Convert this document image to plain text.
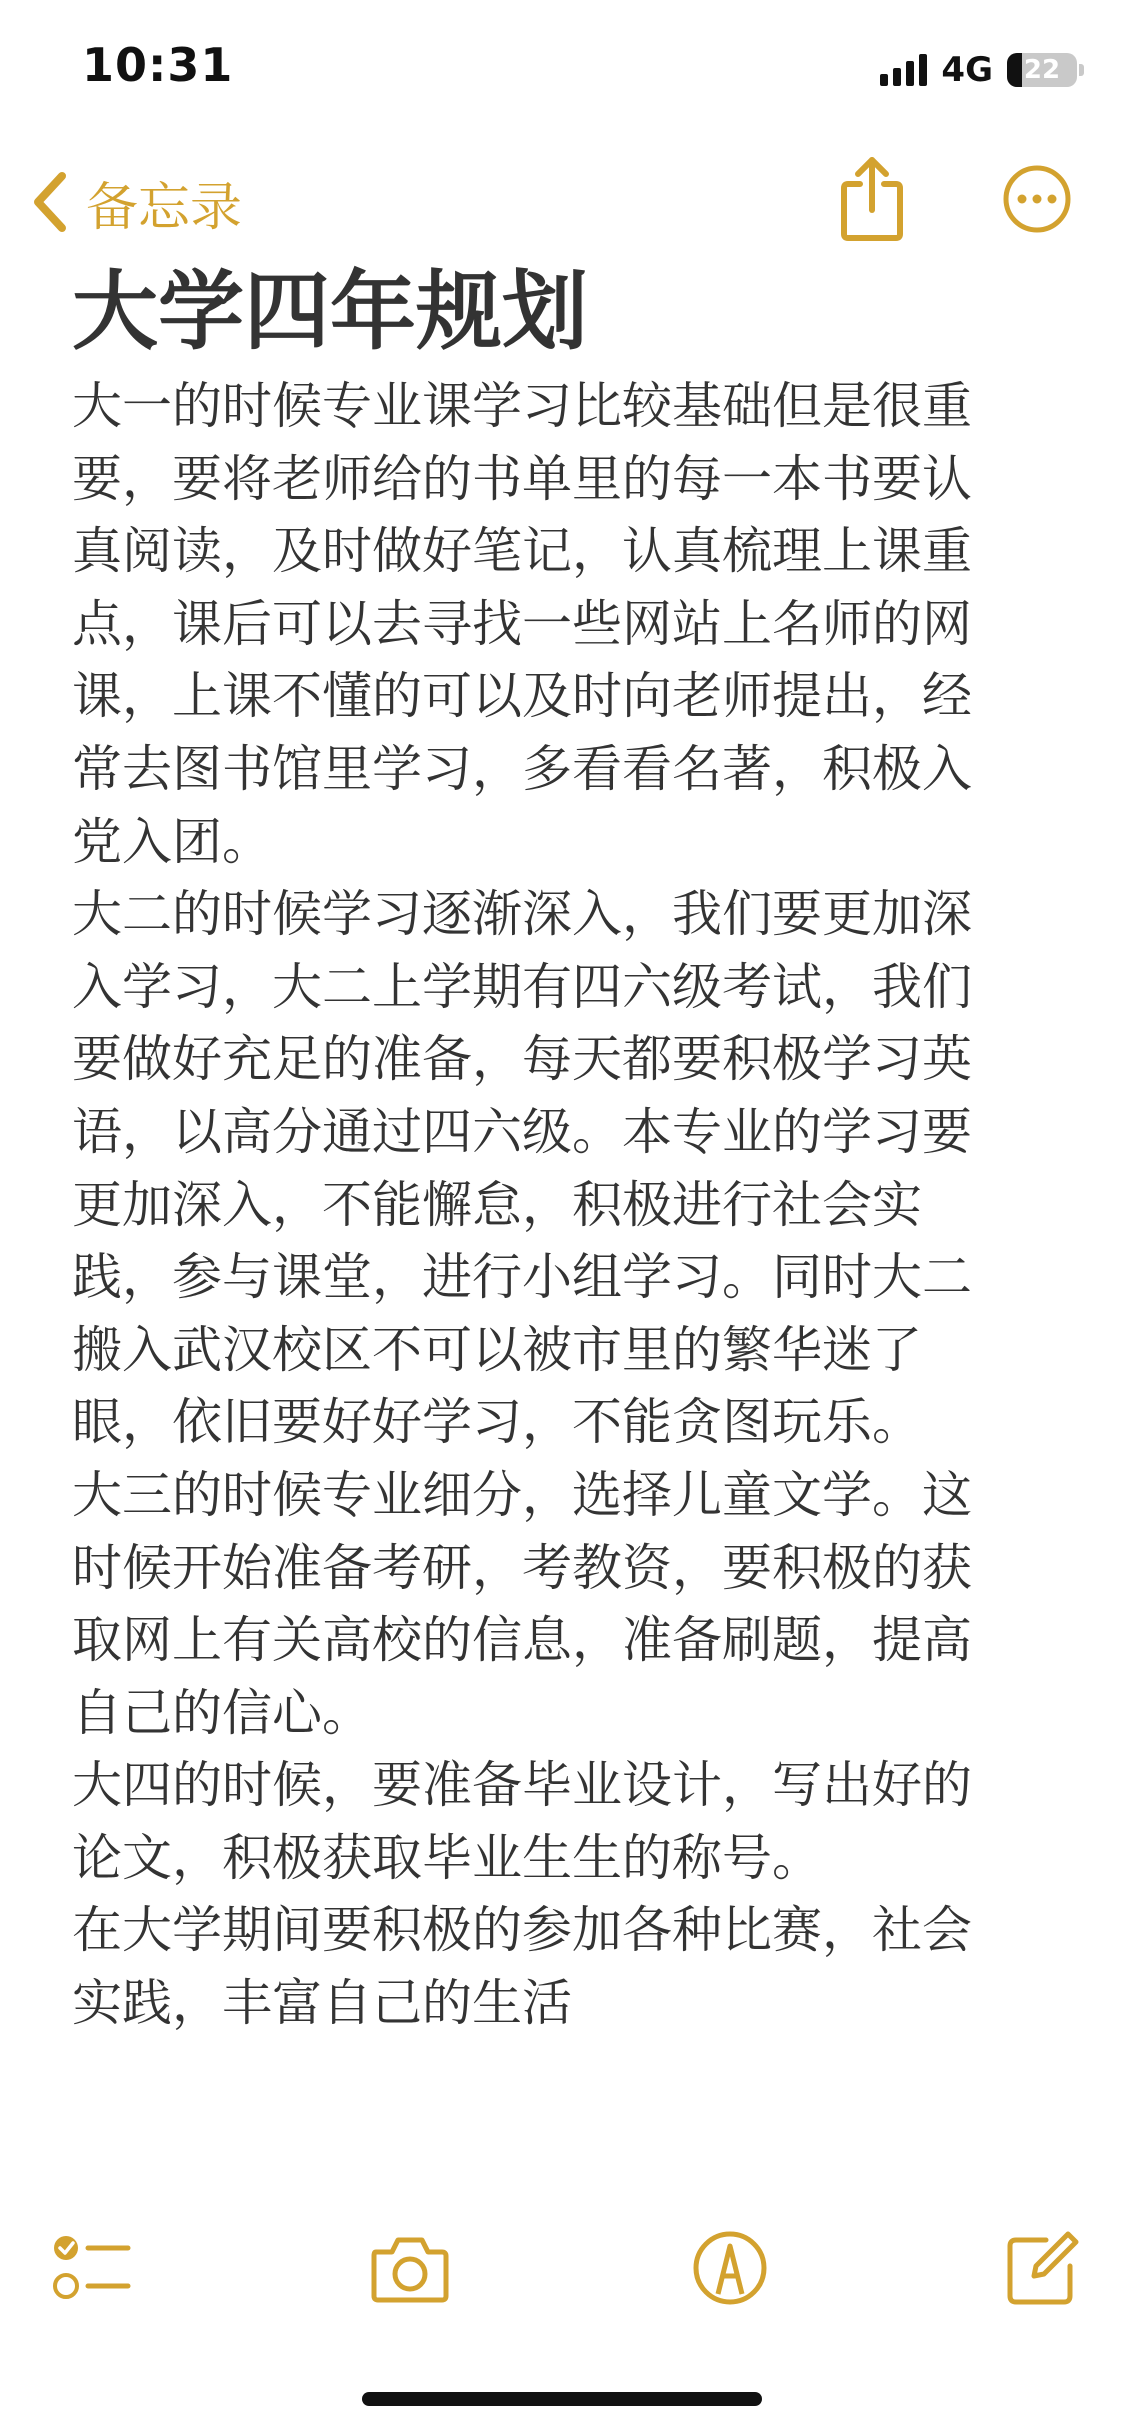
10:31	4G 22
备忘录
大学四年规划

大一的时候专业课学习比较基础但是很重要，要将老师给的书单里的每一本书要认真阅读，及时做好笔记，认真梳理上课重点，课后可以去寻找一些网站上名师的网课，上课不懂的可以及时向老师提出，经常去图书馆里学习，多看看名著，积极入党入团。

大二的时候学习逐渐深入，我们要更加深入学习，大二上学期有四六级考试，我们要做好充足的准备，每天都要积极学习英语，以高分通过四六级。本专业的学习要更加深入，不能懈怠，积极进行社会实践，参与课堂，进行小组学习。同时大二搬入武汉校区不可以被市里的繁华迷了眼，依旧要好好学习，不能贪图玩乐。

大三的时候专业细分，选择儿童文学。这时候开始准备考研，考教资，要积极的获取网上有关高校的信息，准备刷题，提高自己的信心。

大四的时候，要准备毕业设计，写出好的论文，积极获取毕业生生的称号。

在大学期间要积极的参加各种比赛，社会实践，丰富自己的生活
